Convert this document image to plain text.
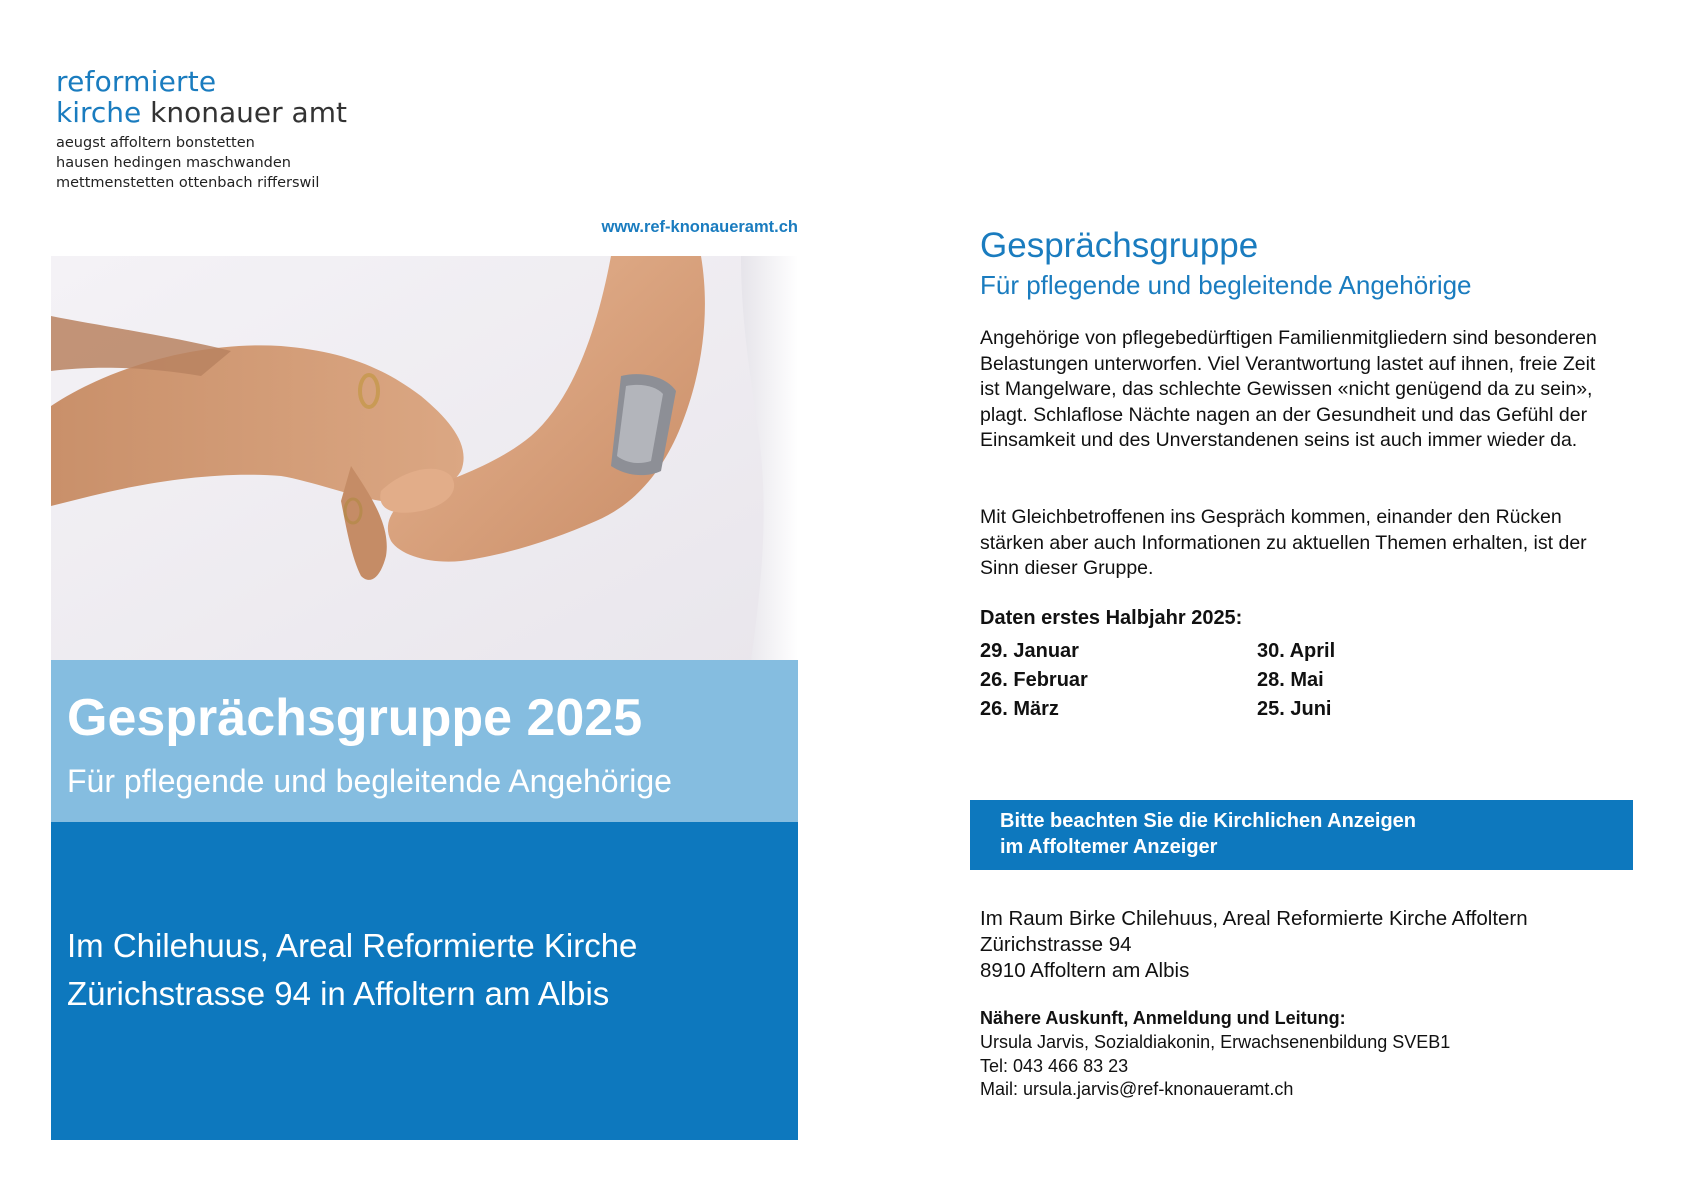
reformierte
kirche knonauer amt
aeugst affoltern bonstetten
hausen hedingen maschwanden
mettmenstetten ottenbach rifferswil
www.ref-knonaueramt.ch
Gesprächsgruppe 2025
Für pflegende und begleitende Angehörige
Im Chilehuus, Areal Reformierte Kirche
Zürichstrasse 94 in Affoltern am Albis
Gesprächsgruppe
Für pflegende und begleitende Angehörige
Angehörige von pflegebedürftigen Familienmitgliedern sind besonderen Belastungen unterworfen. Viel Verantwortung lastet auf ihnen, freie Zeit ist Mangelware, das schlechte Gewissen «nicht genügend da zu sein», plagt. Schlaflose Nächte nagen an der Gesundheit und das Gefühl der Einsamkeit und des Unverstandenen seins ist auch immer wieder da.
Mit Gleichbetroffenen ins Gespräch kommen, einander den Rücken stärken aber auch Informationen zu aktuellen Themen erhalten, ist der Sinn dieser Gruppe.
Daten erstes Halbjahr 2025:
29. Januar	30. April
26. Februar	28. Mai
26. März	25. Juni
Bitte beachten Sie die Kirchlichen Anzeigen
im Affoltemer Anzeiger
Im Raum Birke Chilehuus, Areal Reformierte Kirche Affoltern
Zürichstrasse 94
8910 Affoltern am Albis
Nähere Auskunft, Anmeldung und Leitung:
Ursula Jarvis, Sozialdiakonin, Erwachsenenbildung SVEB1
Tel: 043 466 83 23
Mail: ursula.jarvis@ref-knonaueramt.ch
